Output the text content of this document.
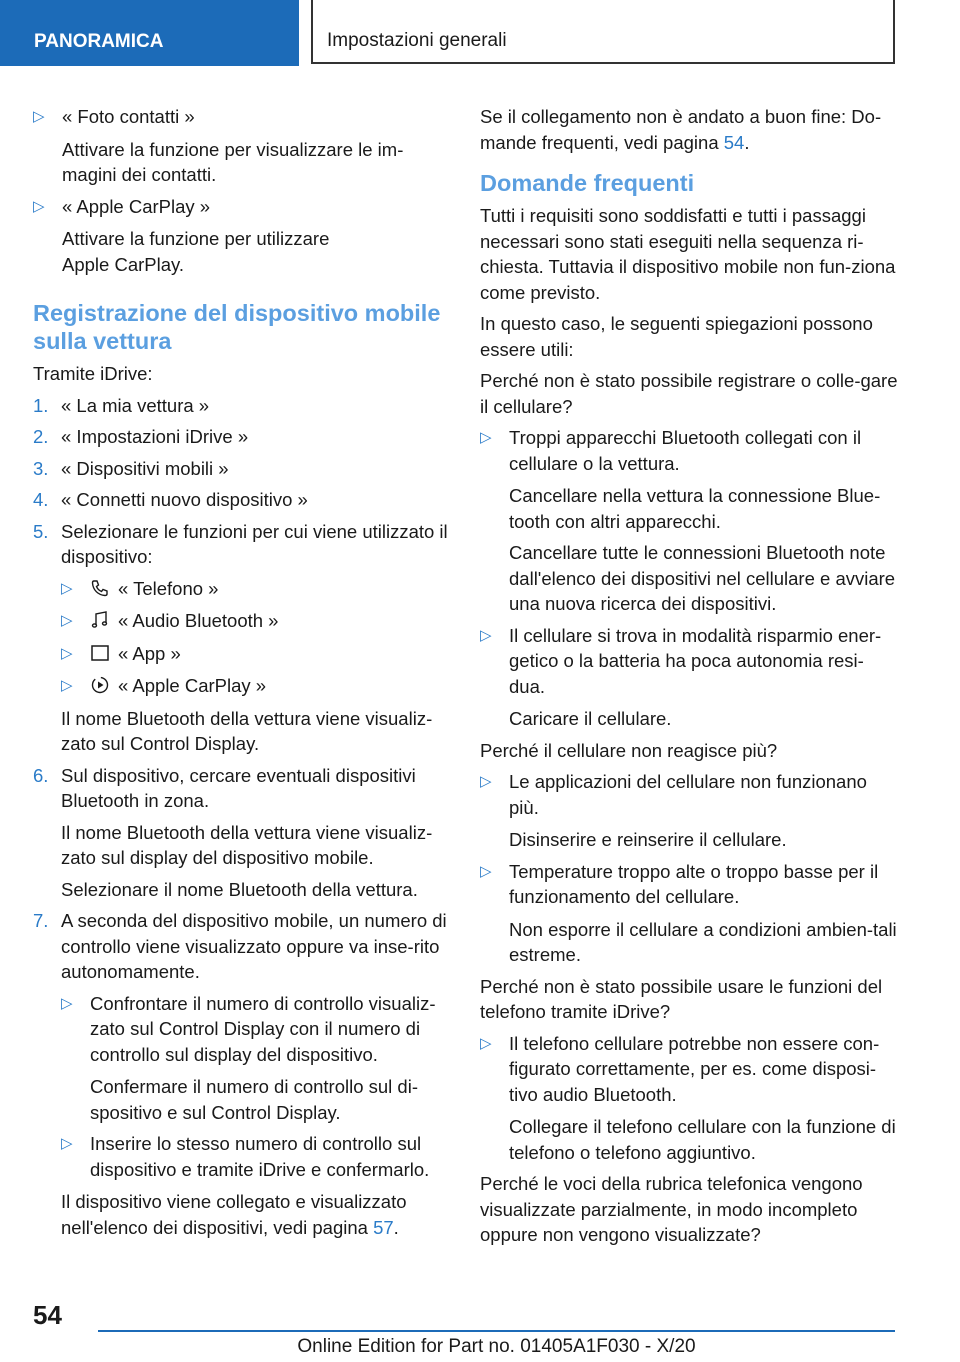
PANORAMICA	Impostazioni generali
▷ « Foto contatti »

Attivare la funzione per visualizzare le im-magini dei contatti.

▷ « Apple CarPlay »

Attivare la funzione per utilizzare
Apple CarPlay.

Registrazione del dispositivo mobile sulla vettura

Tramite iDrive:

1. « La mia vettura »
2. « Impostazioni iDrive »
3. « Dispositivi mobili »
4. « Connetti nuovo dispositivo »
5. Selezionare le funzioni per cui viene utilizzato il dispositivo:
▷ « Telefono »
▷ « Audio Bluetooth »
▷ « App »
▷ « Apple CarPlay »

Il nome Bluetooth della vettura viene visualiz-zato sul Control Display.

6. Sul dispositivo, cercare eventuali dispositivi Bluetooth in zona.

Il nome Bluetooth della vettura viene visualiz-zato sul display del dispositivo mobile.

Selezionare il nome Bluetooth della vettura.

7. A seconda del dispositivo mobile, un numero di controllo viene visualizzato oppure va inse-rito autonomamente.
▷ Confrontare il numero di controllo visualiz-zato sul Control Display con il numero di controllo sul display del dispositivo.

Confermare il numero di controllo sul di-spositivo e sul Control Display.

▷ Inserire lo stesso numero di controllo sul dispositivo e tramite iDrive e confermarlo.

Il dispositivo viene collegato e visualizzato nell'elenco dei dispositivi, vedi pagina 57.

Se il collegamento non è andato a buon fine: Do-mande frequenti, vedi pagina 54.

Domande frequenti

Tutti i requisiti sono soddisfatti e tutti i passaggi necessari sono stati eseguiti nella sequenza ri-chiesta. Tuttavia il dispositivo mobile non fun-ziona come previsto.

In questo caso, le seguenti spiegazioni possono essere utili:

Perché non è stato possibile registrare o colle-gare il cellulare?

▷ Troppi apparecchi Bluetooth collegati con il cellulare o la vettura.

Cancellare nella vettura la connessione Blue-tooth con altri apparecchi.

Cancellare tutte le connessioni Bluetooth note dall'elenco dei dispositivi nel cellulare e avviare una nuova ricerca dei dispositivi.

▷ Il cellulare si trova in modalità risparmio ener-getico o la batteria ha poca autonomia resi-dua.

Caricare il cellulare.

Perché il cellulare non reagisce più?

▷ Le applicazioni del cellulare non funzionano più.

Disinserire e reinserire il cellulare.

▷ Temperature troppo alte o troppo basse per il funzionamento del cellulare.

Non esporre il cellulare a condizioni ambien-tali estreme.

Perché non è stato possibile usare le funzioni del telefono tramite iDrive?

▷ Il telefono cellulare potrebbe non essere con-figurato correttamente, per es. come disposi-tivo audio Bluetooth.

Collegare il telefono cellulare con la funzione di telefono o telefono aggiuntivo.

Perché le voci della rubrica telefonica vengono visualizzate parzialmente, in modo incompleto oppure non vengono visualizzate?

54
Online Edition for Part no. 01405A1F030 - X/20
